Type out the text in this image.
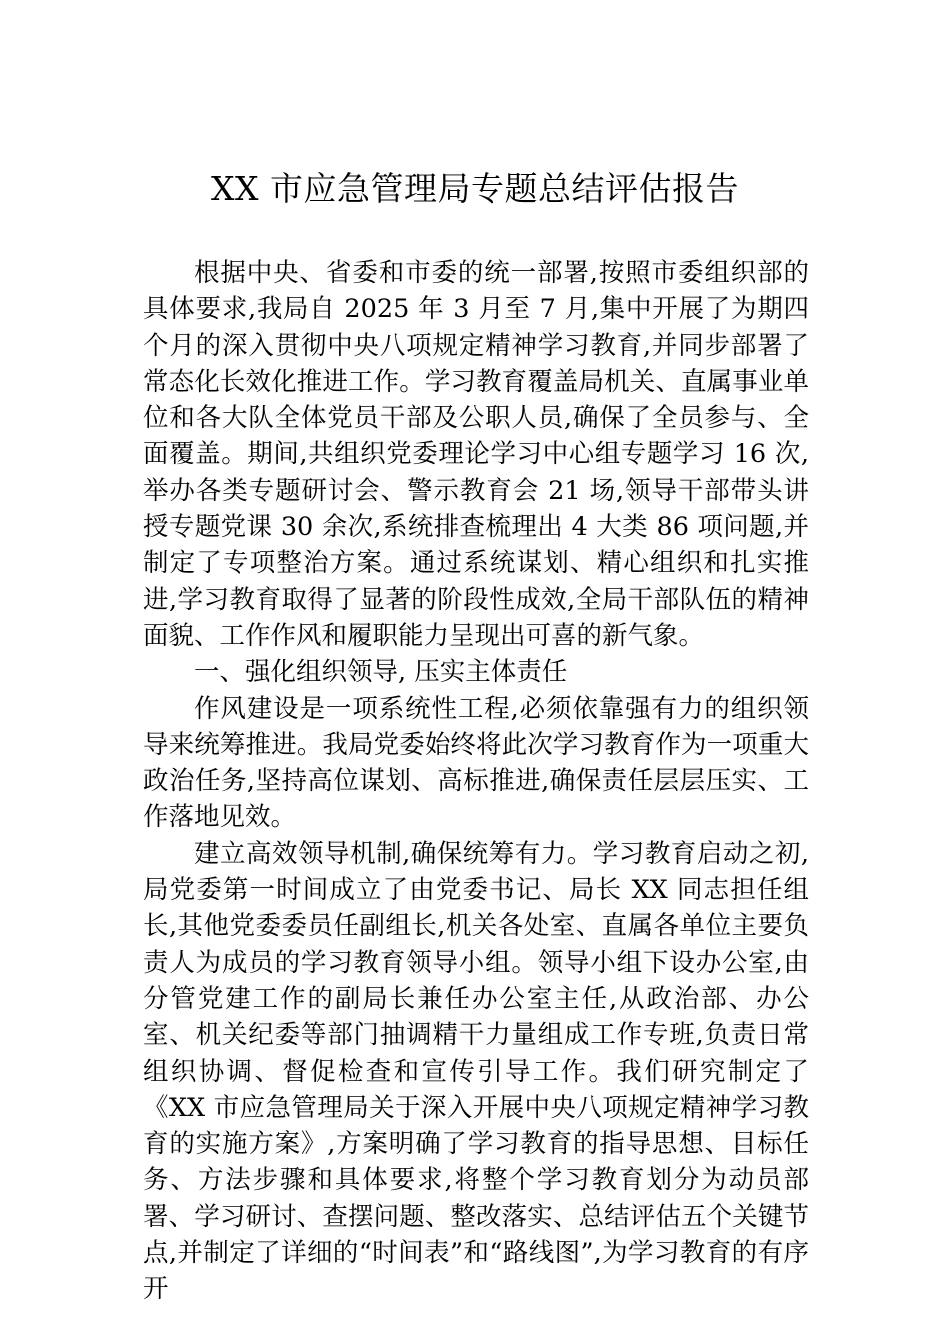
XX 市应急管理局专题总结评估报告

根据中央、省委和市委的统一部署,按照市委组织部的具体要求,我局自 2025 年 3 月至 7 月,集中开展了为期四个月的深入贯彻中央八项规定精神学习教育,并同步部署了常态化长效化推进工作。学习教育覆盖局机关、直属事业单位和各大队全体党员干部及公职人员,确保了全员参与、全面覆盖。期间,共组织党委理论学习中心组专题学习 16 次,举办各类专题研讨会、警示教育会 21 场,领导干部带头讲授专题党课 30 余次,系统排查梳理出 4 大类 86 项问题,并制定了专项整治方案。通过系统谋划、精心组织和扎实推进,学习教育取得了显著的阶段性成效,全局干部队伍的精神面貌、工作作风和履职能力呈现出可喜的新气象。

一、强化组织领导, 压实主体责任

作风建设是一项系统性工程,必须依靠强有力的组织领导来统筹推进。我局党委始终将此次学习教育作为一项重大政治任务,坚持高位谋划、高标推进,确保责任层层压实、工作落地见效。

建立高效领导机制,确保统筹有力。学习教育启动之初,局党委第一时间成立了由党委书记、局长 XX 同志担任组长,其他党委委员任副组长,机关各处室、直属各单位主要负责人为成员的学习教育领导小组。领导小组下设办公室,由分管党建工作的副局长兼任办公室主任,从政治部、办公室、机关纪委等部门抽调精干力量组成工作专班,负责日常组织协调、督促检查和宣传引导工作。我们研究制定了《XX 市应急管理局关于深入开展中央八项规定精神学习教育的实施方案》,方案明确了学习教育的指导思想、目标任务、方法步骤和具体要求,将整个学习教育划分为动员部署、学习研讨、查摆问题、整改落实、总结评估五个关键节点,并制定了详细的“时间表”和“路线图”,为学习教育的有序开
